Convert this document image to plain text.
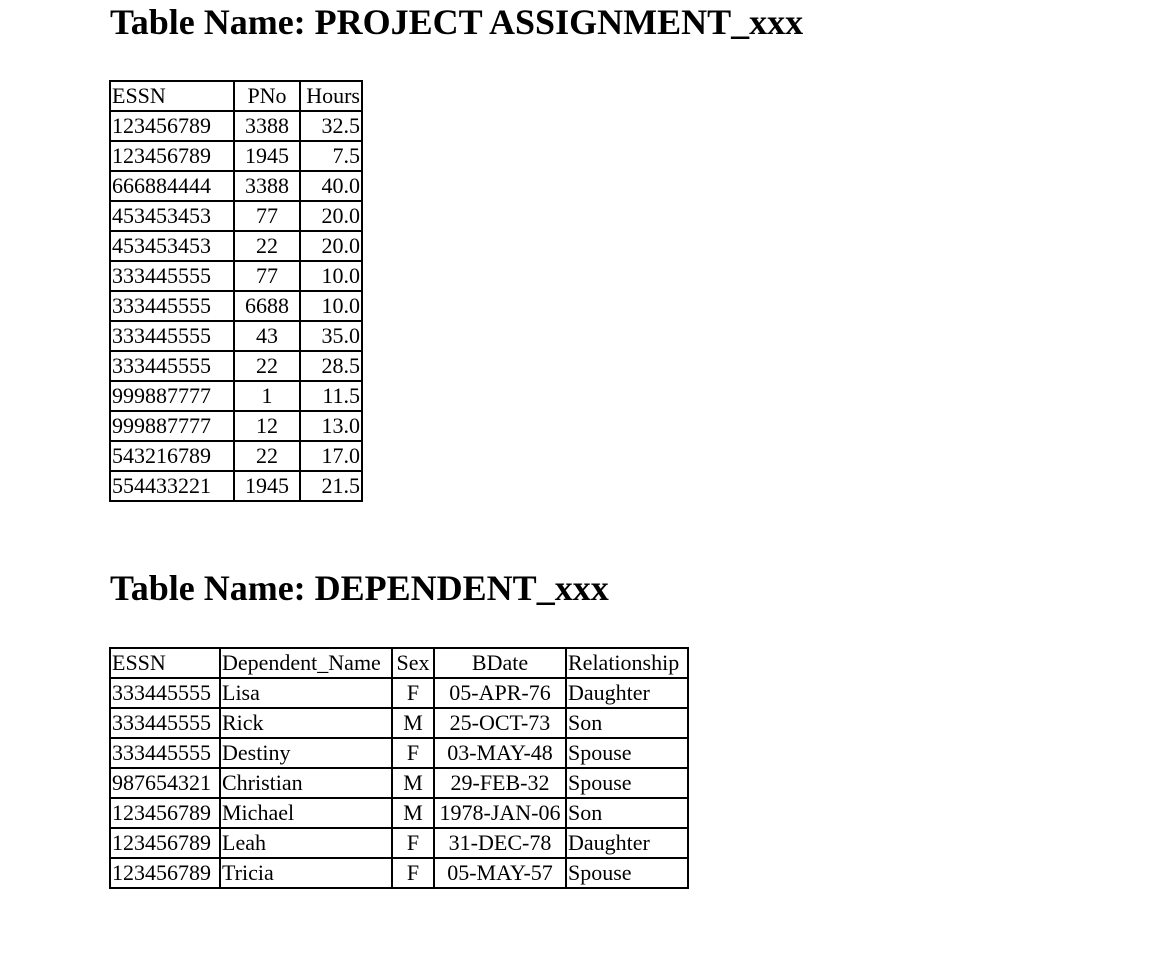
Table Name: PROJECT ASSIGNMENT_xxx
ESSN	PNo	Hours
123456789	3388	32.5
123456789	1945	7.5
666884444	3388	40.0
453453453	77	20.0
453453453	22	20.0
333445555	77	10.0
333445555	6688	10.0
333445555	43	35.0
333445555	22	28.5
999887777	1	11.5
999887777	12	13.0
543216789	22	17.0
554433221	1945	21.5
Table Name: DEPENDENT_xxx
ESSN	Dependent_Name	Sex	BDate	Relationship
333445555	Lisa	F	05-APR-76	Daughter
333445555	Rick	M	25-OCT-73	Son
333445555	Destiny	F	03-MAY-48	Spouse
987654321	Christian	M	29-FEB-32	Spouse
123456789	Michael	M	1978-JAN-06	Son
123456789	Leah	F	31-DEC-78	Daughter
123456789	Tricia	F	05-MAY-57	Spouse
